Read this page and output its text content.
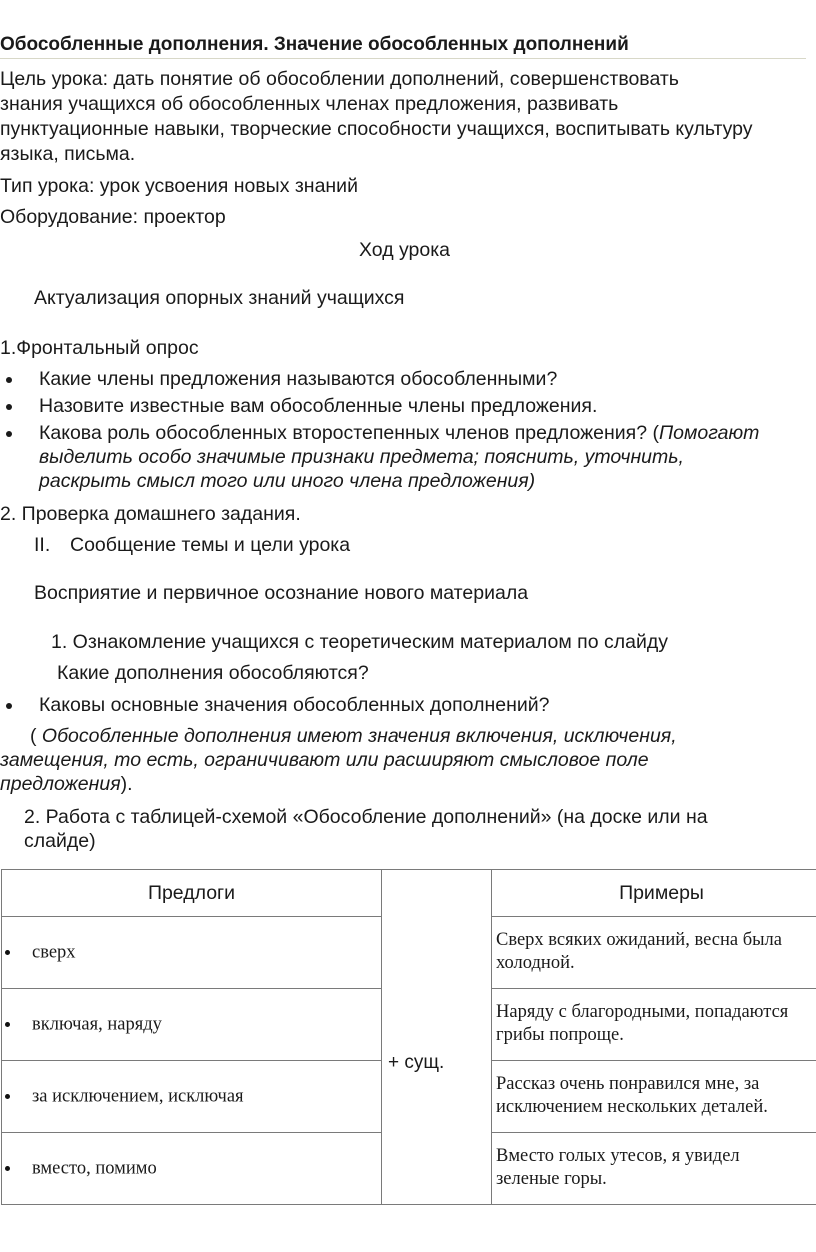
Обособленные дополнения. Значение обособленных дополнений
Цель урока: дать понятие об обособлении дополнений, совершенствовать
знания учащихся об обособленных членах предложения, развивать
пунктуационные навыки, творческие способности учащихся, воспитывать культуру
языка, письма.
Тип урока: урок усвоения новых знаний
Оборудование: проектор
Ход урока
Актуализация опорных знаний учащихся
1.Фронтальный опрос
Какие члены предложения называются обособленными?
Назовите известные вам обособленные члены предложения.
Какова роль обособленных второстепенных членов предложения? (Помогают
выделить особо значимые признаки предмета; пояснить, уточнить,
раскрыть смысл того или иного члена предложения)
2. Проверка домашнего задания.
II. Сообщение темы и цели урока
Восприятие и первичное осознание нового материала
1. Ознакомление учащихся с теоретическим материалом по слайду
Какие дополнения обособляются?
Каковы основные значения обособленных дополнений?
( Обособленные дополнения имеют значения включения, исключения,
замещения, то есть, ограничивают или расширяют смысловое поле
предложения).
2. Работа с таблицей-схемой «Обособление дополнений» (на доске или на
слайде)
Предлоги	+ сущ.	Примеры

сверх		Сверх всяких ожиданий, весна была
холодной.

включая, наряду		Наряду с благородными, попадаются
грибы попроще.

за исключением, исключая		Рассказ очень понравился мне, за
исключением нескольких деталей.

вместо, помимо		Вместо голых утесов, я увидел
зеленые горы.
